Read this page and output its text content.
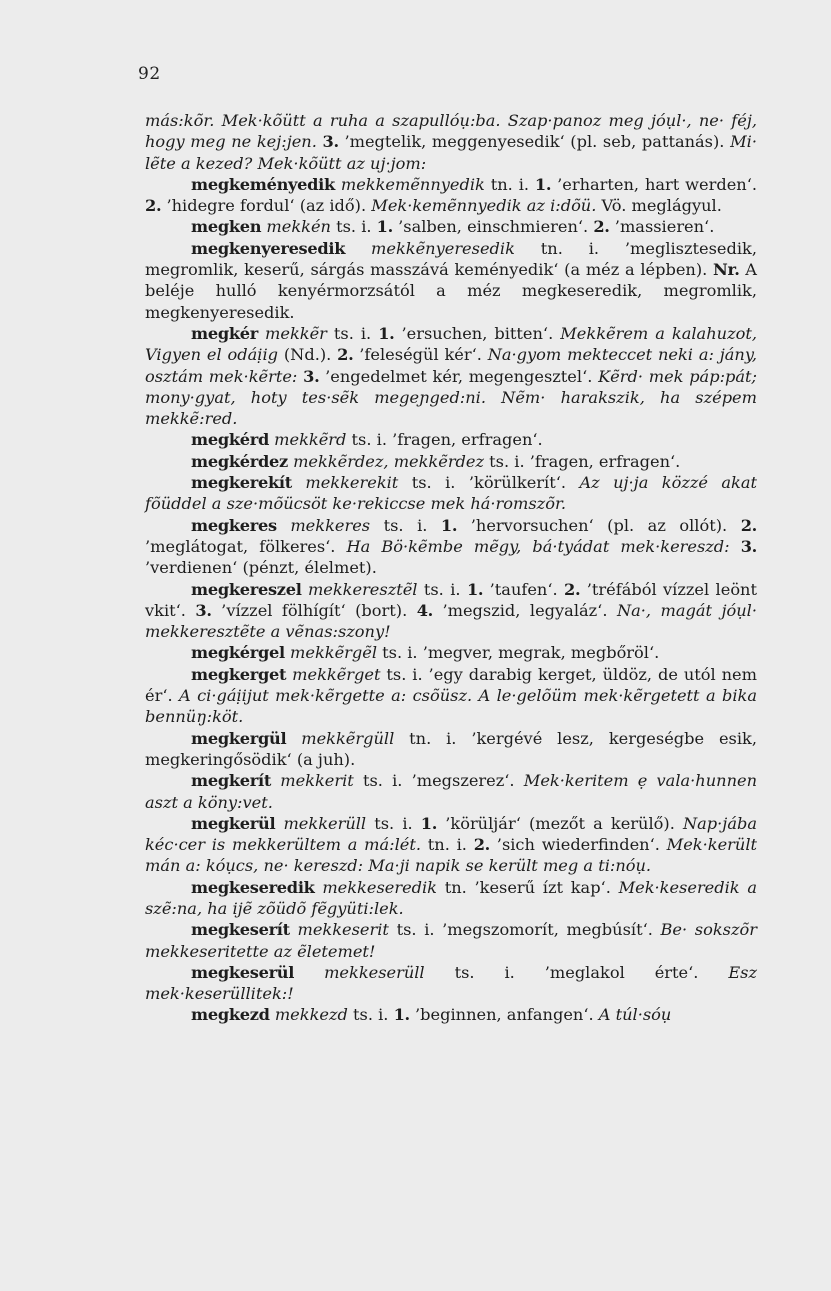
92

más:kõr. Mek·kõütt a ruha a szapullóụ:ba. Szap·panoz meg jóụl·, ne· féj, hogy meg ne kej:jen. 3. ’megtelik, meggenyesedik‘ (pl. seb, pattanás). Mi· lẽte a kezed? Mek·kõütt az uj·jom:

megkeményedik mekkemẽnnyedik tn. i. 1. ’erharten, hart werden‘. 2. ’hidegre fordul‘ (az idő). Mek·kemẽnnyedik az i:dõü. Vö. meglágyul.

megken mekkén ts. i. 1. ’salben, einschmieren‘. 2. ’massieren‘.

megkenyeresedik mekkẽnyeresedik tn. i. ’meglisztesedik, megromlik, keserű, sárgás masszává keményedik‘ (a méz a lépben). Nr. A beléje hulló kenyérmorzsától a méz megkeseredik, megromlik, megkenyeresedik.

megkér mekkẽr ts. i. 1. ’ersuchen, bitten‘. Mekkẽrem a kalahuzot, Vigyen el odáịig (Nd.). 2. ’feleségül kér‘. Na·gyom mekteccet neki a: jány, osztám mek·kẽrte: 3. ’engedelmet kér, megengesztel‘. Kẽrd· mek páp:pát; mony·gyat, hoty tes·sẽk megeɲged:ni. Nẽm· harakszik, ha szépem mekkẽ:red.

megkérd mekkẽrd ts. i. ’fragen, erfragen‘.

megkérdez mekkẽrdez, mekkẽrdez ts. i. ’fragen, erfragen‘.

megkerekít mekkerekit ts. i. ’körülkerít‘. Az uj·ja közzé akat fõüddel a sze·mõücsöt ke·rekiccse mek há·romszõr.

megkeres mekkeres ts. i. 1. ’hervorsuchen‘ (pl. az ollót). 2. ’meglátogat, fölkeres‘. Ha Bö·kẽmbe mẽgy, bá·tyádat mek·kereszd: 3. ’verdienen‘ (pénzt, élelmet).

megkereszel mekkeresztẽl ts. i. 1. ’taufen‘. 2. ’tréfából vízzel leönt vkit‘. 3. ’vízzel fölhígít‘ (bort). 4. ’megszid, legyaláz‘. Na·, magát jóụl· mekkeresztẽte a vẽnas:szony!

megkérgel mekkẽrgẽl ts. i. ’megver, megrak, megbőröl‘.

megkerget mekkẽrget ts. i. ’egy darabig kerget, üldöz, de utól nem ér‘. A ci·gáịijut mek·kẽrgette a: csõüsz. A le·gelõüm mek·kẽrgetett a bika bennüŋ:köt.

megkergül mekkẽrgüll tn. i. ’kergévé lesz, kergeségbe esik, megkeringősödik‘ (a juh).

megkerít mekkerit ts. i. ’megszerez‘. Mek·keritem ẹ vala·hunnen aszt a köny:vet.

megkerül mekkerüll ts. i. 1. ’körüljár‘ (mezőt a kerülő). Nap·jába kéc·cer is mekkerültem a má:lét. tn. i. 2. ’sich wiederfinden‘. Mek·került mán a: kóụcs, ne· kereszd: Ma·ji napik se került meg a ti:nóụ.

megkeseredik mekkeseredik tn. ’keserű ízt kap‘. Mek·keseredik a szẽ:na, ha ijẽ zõüdõ fẽgyüti:lek.

megkeserít mekkeserit ts. i. ’megszomorít, megbúsít‘. Be· sokszõr mekkeseritette az ẽletemet!

megkeserül mekkeserüll ts. i. ’meglakol érte‘. Esz mek·keserüllitek:!

megkezd mekkezd ts. i. 1. ’beginnen, anfangen‘. A túl·sóụ
